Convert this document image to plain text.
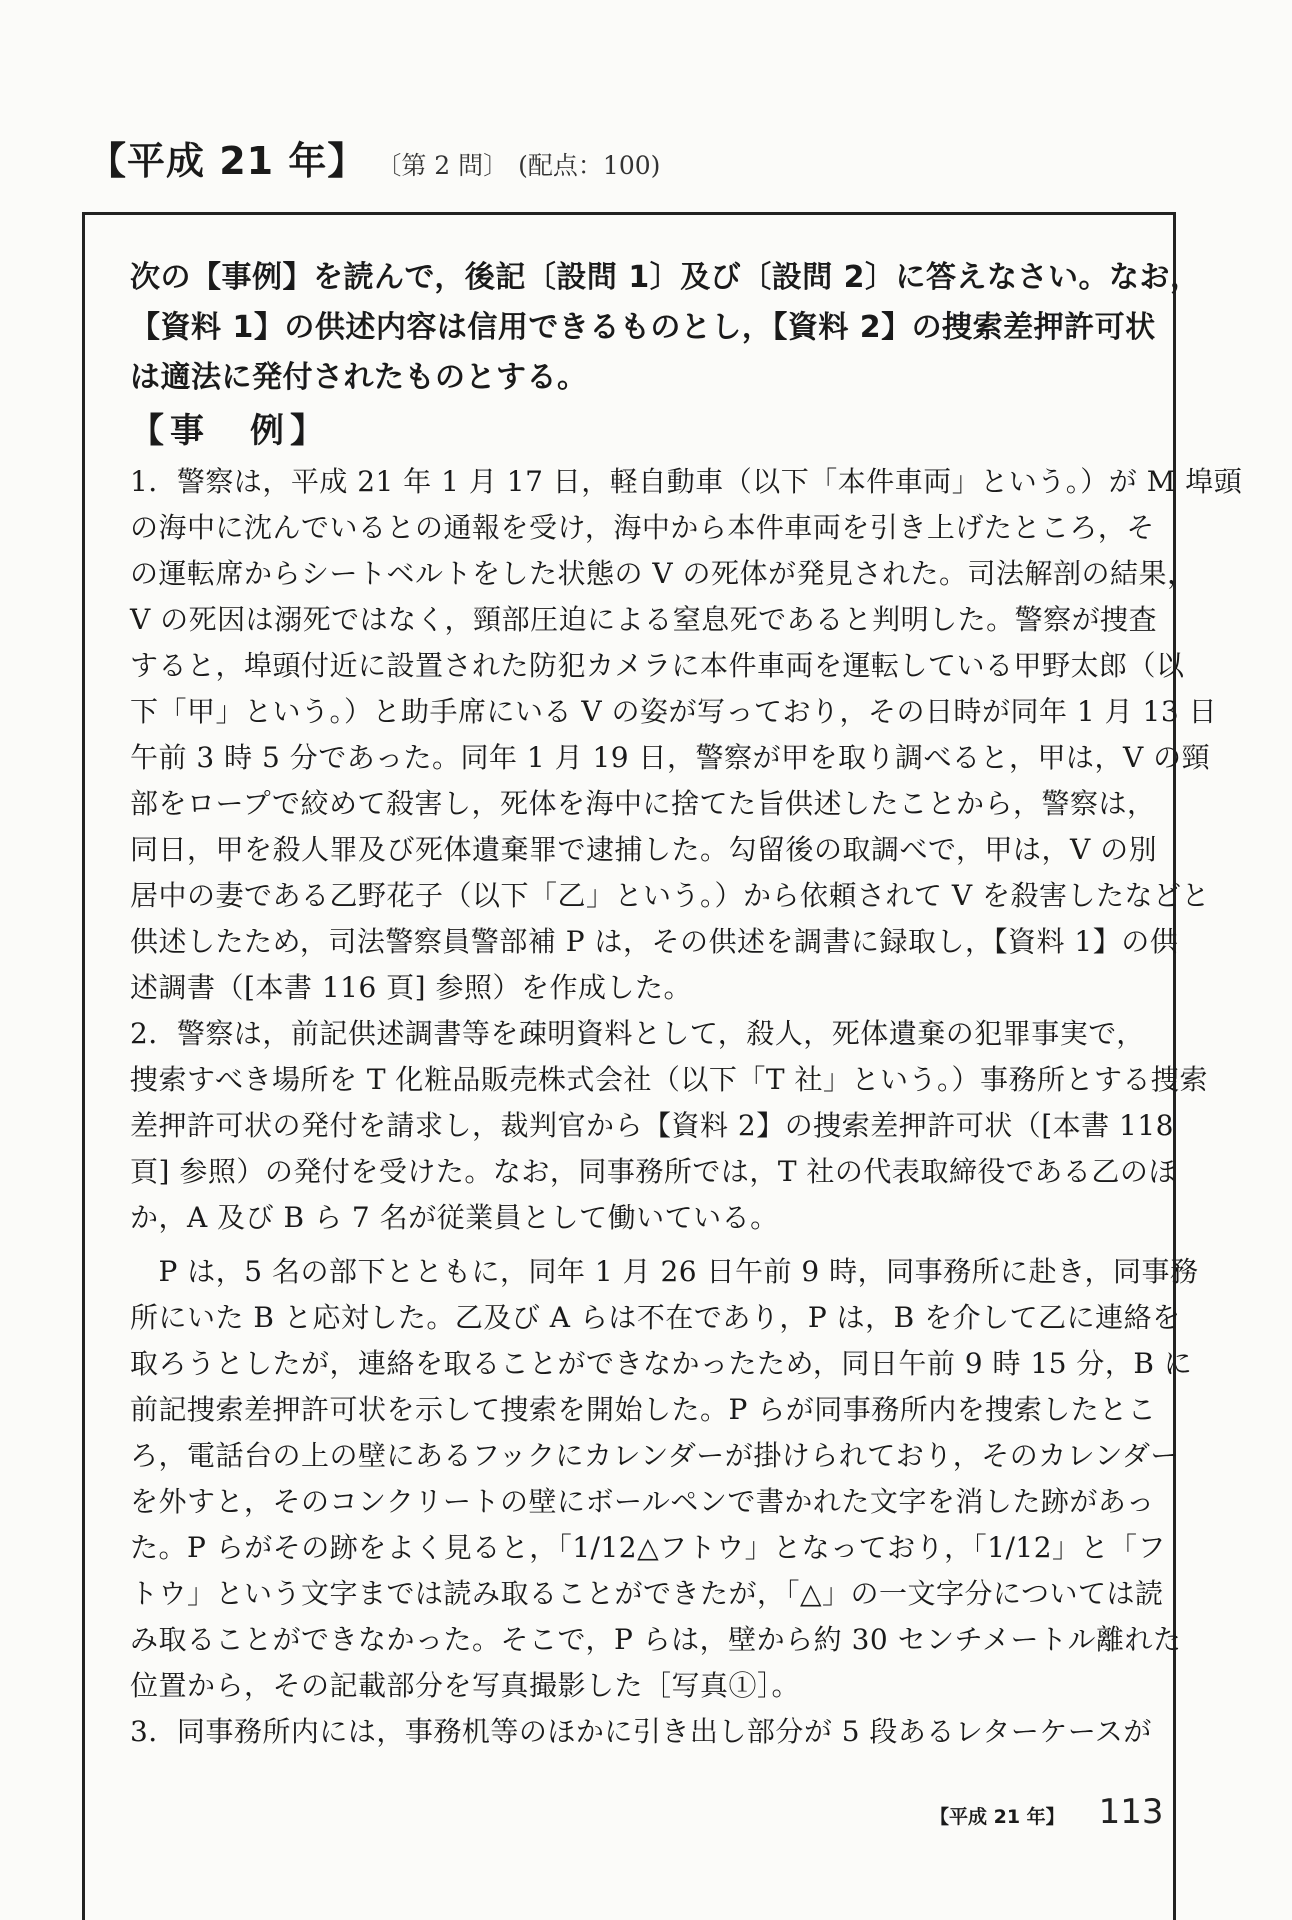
【平成 21 年】 〔第 2 問〕 (配点：100)
次の【事例】を読んで，後記〔設問 1〕及び〔設問 2〕に答えなさい。なお，
【資料 1】の供述内容は信用できるものとし，【資料 2】の捜索差押許可状
は適法に発付されたものとする。
【事　例】
1．警察は，平成 21 年 1 月 17 日，軽自動車（以下「本件車両」という。）が M 埠頭
の海中に沈んでいるとの通報を受け，海中から本件車両を引き上げたところ，そ
の運転席からシートベルトをした状態の V の死体が発見された。司法解剖の結果，
V の死因は溺死ではなく，頸部圧迫による窒息死であると判明した。警察が捜査
すると，埠頭付近に設置された防犯カメラに本件車両を運転している甲野太郎（以
下「甲」という。）と助手席にいる V の姿が写っており，その日時が同年 1 月 13 日
午前 3 時 5 分であった。同年 1 月 19 日，警察が甲を取り調べると，甲は，V の頸
部をロープで絞めて殺害し，死体を海中に捨てた旨供述したことから，警察は，
同日，甲を殺人罪及び死体遺棄罪で逮捕した。勾留後の取調べで，甲は，V の別
居中の妻である乙野花子（以下「乙」という。）から依頼されて V を殺害したなどと
供述したため，司法警察員警部補 P は，その供述を調書に録取し，【資料 1】の供
述調書（[本書 116 頁] 参照）を作成した。
2．警察は，前記供述調書等を疎明資料として，殺人，死体遺棄の犯罪事実で，
捜索すべき場所を T 化粧品販売株式会社（以下「T 社」という。）事務所とする捜索
差押許可状の発付を請求し，裁判官から【資料 2】の捜索差押許可状（[本書 118
頁] 参照）の発付を受けた。なお，同事務所では，T 社の代表取締役である乙のほ
か，A 及び B ら 7 名が従業員として働いている。
　P は，5 名の部下とともに，同年 1 月 26 日午前 9 時，同事務所に赴き，同事務
所にいた B と応対した。乙及び A らは不在であり，P は，B を介して乙に連絡を
取ろうとしたが，連絡を取ることができなかったため，同日午前 9 時 15 分，B に
前記捜索差押許可状を示して捜索を開始した。P らが同事務所内を捜索したとこ
ろ，電話台の上の壁にあるフックにカレンダーが掛けられており，そのカレンダー
を外すと，そのコンクリートの壁にボールペンで書かれた文字を消した跡があっ
た。P らがその跡をよく見ると，「1/12△フトウ」となっており，「1/12」と「フ
トウ」という文字までは読み取ることができたが，「△」の一文字分については読
み取ることができなかった。そこで，P らは，壁から約 30 センチメートル離れた
位置から，その記載部分を写真撮影した［写真①］。
3．同事務所内には，事務机等のほかに引き出し部分が 5 段あるレターケースが
【平成 21 年】 113
